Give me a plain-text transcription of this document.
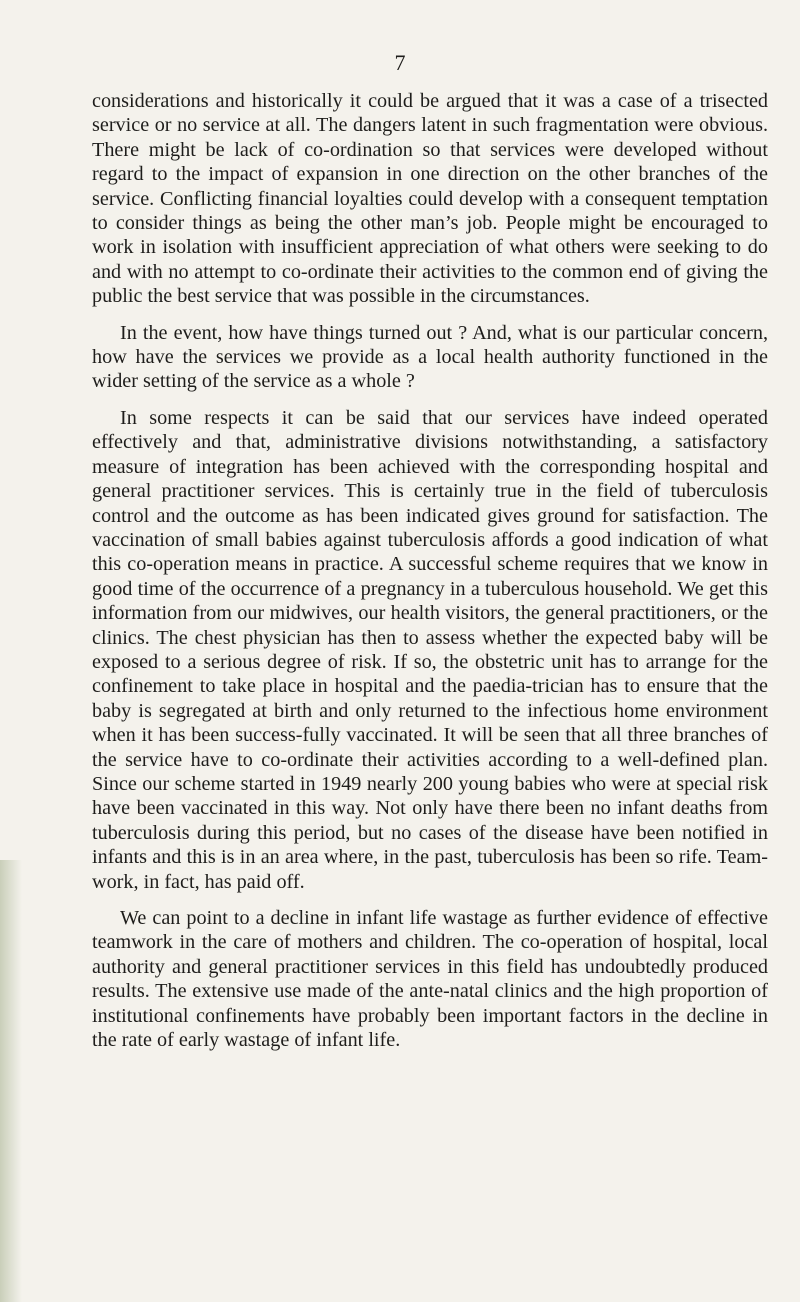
7

considerations and historically it could be argued that it was a case of a trisected service or no service at all. The dangers latent in such fragmentation were obvious. There might be lack of co-ordination so that services were developed without regard to the impact of expansion in one direction on the other branches of the service. Conflicting financial loyalties could develop with a consequent temptation to consider things as being the other man’s job. People might be encouraged to work in isolation with insufficient appreciation of what others were seeking to do and with no attempt to co-ordinate their activities to the common end of giving the public the best service that was possible in the circumstances.

In the event, how have things turned out ? And, what is our particular concern, how have the services we provide as a local health authority functioned in the wider setting of the service as a whole ?

In some respects it can be said that our services have indeed operated effectively and that, administrative divisions notwithstanding, a satisfactory measure of integration has been achieved with the corresponding hospital and general practitioner services. This is certainly true in the field of tuberculosis control and the outcome as has been indicated gives ground for satisfaction. The vaccination of small babies against tuberculosis affords a good indication of what this co-operation means in practice. A successful scheme requires that we know in good time of the occurrence of a pregnancy in a tuberculous household. We get this information from our midwives, our health visitors, the general practitioners, or the clinics. The chest physician has then to assess whether the expected baby will be exposed to a serious degree of risk. If so, the obstetric unit has to arrange for the confinement to take place in hospital and the paedia-trician has to ensure that the baby is segregated at birth and only returned to the infectious home environment when it has been success-fully vaccinated. It will be seen that all three branches of the service have to co-ordinate their activities according to a well-defined plan. Since our scheme started in 1949 nearly 200 young babies who were at special risk have been vaccinated in this way. Not only have there been no infant deaths from tuberculosis during this period, but no cases of the disease have been notified in infants and this is in an area where, in the past, tuberculosis has been so rife. Team-work, in fact, has paid off.

We can point to a decline in infant life wastage as further evidence of effective teamwork in the care of mothers and children. The co-operation of hospital, local authority and general practitioner services in this field has undoubtedly produced results. The extensive use made of the ante-natal clinics and the high proportion of institutional confinements have probably been important factors in the decline in the rate of early wastage of infant life.
